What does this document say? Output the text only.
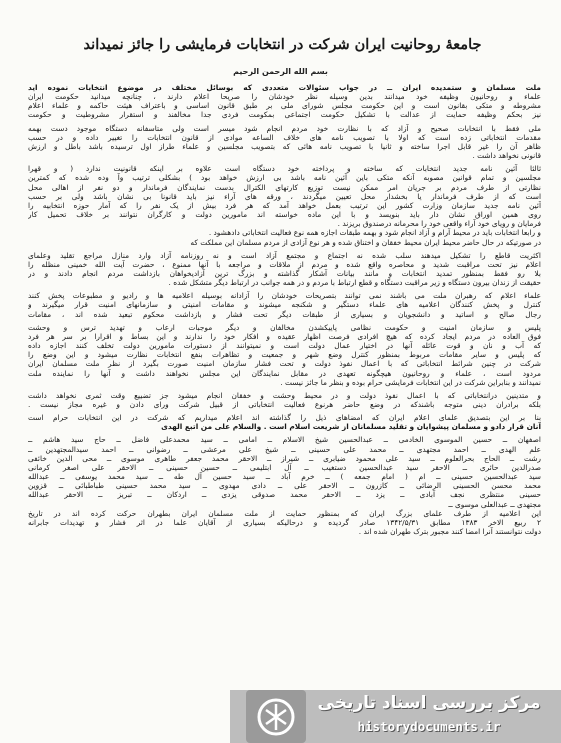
جامعهٔ روحانیت ایران شرکت در انتخابات فرمایشی را جائز نمیداند
بسم الله الرحمن الرحیم
ملت مسلمان و ستمدیده ایران ــ در جواب سئوالات متعددی که بوسائل مختلف در موضوع انتخابات نموده اید
علماء و روحانیون وظیفه خود میدانند بدین وسیله نظر خودشان را صریحا اعلام دارند ، چنانچه میدانید حکومت ایران
مشروطه و متکی بقانون است و این حکومت مجلس شورای ملی بر طبق قانون اساسی و باعتراف هیئت حاکمه و علماء اعلام
نیز بحکم وظیفه حمایت از عدالت با تشکیل حکومت اجتماعی بمکومت فردی جدا مخالفند و استقرار مشروطیت و حکومت
ملی فقط با انتخابات صحیح و آزاد که با نظارت خود مردم انجام شود میسر است ولی متاسفانه دستگاه موجود دست بهمه
مقدمات انتخاباتی زده است که اولا با تصویب نامه های خلاف الساعه موادی از قانون انتخابات را تغییر داده و در حسب
ظاهر آن را غیر قابل اجرا ساخته و ثانیا با تصویب نامه هائی که بتصویب مجلسین و علماء طراز اول ترسیده باشد باطل و ارزش
قانونی نخواهد داشت .
ثالثا آئین نامه جدید انتخابات که ساخته و پرداخته خود دستگاه است علاوه بر اینکه قانونیت ندارد ( و قهرا
مجلسین و تمام قوانین مصوبه آنکه متکی باین آئین نامه باشد بی ارزش خواهد بود ) بشکلی ترتیب وآ وده شده که کمترین
نظارتی از طرف مردم بر جریان امر ممکن نیست توزیع کارتهای الکترال بدست نمایندگان فرماندار و دو نفر از اهالی محل
است که از طرف فرماندار یا بخشدار محل تعیین میگردند ، ورقه های آراء نیز باید قانونا بی نشان باشد ولی بر حسب
آئین نامه جدید سازمان وزارت کشور این ترتیب بعمل خواهد آمد که هر فرد بیش از یک نفر را که آمار حوزه انتخابیه را
روی همین اوراق نشان دار باید بنویسد و با این ماده خواسته اند مامورین دولت و کارگران نتوانند بر خلاف تحمیل کار
فرمایان و رویای خود آراء واقعی خود را محرمانه درصندوق بریزند .
و رابعا انتخابات باید در محیط آرام و آزاد انجام شود و بهمه طبقات اجازه همه نوع فعالیت انتخاباتی دادهشود .
در صورتیکه در حال حاضر محیط ایران محیط خفقان و اختناق شده و هر نوع آزادی از مردم مسلمان این مملکت که
اکثریت قاطع را تشکیل میدهند سلب شده نه اجتماع و مجتمع آزاد است و نه روزنامه آزاد وارد منازل مراجع تقلید وعلمای
اعلام نیز تحت مراقبت شدید و محاصره واقع شده و مردم از ملاقات و مراجعه با آنها ممنوع ، حضرت آیت الله خمینی منظله را
بلا رو فقط بمنظور تمدید انتخابات و مانند بیانات آشکار گذاشته و بزرگ ترین آزادیخواهان بازداشت مردم انجام دادند و در
حقیقت از زندان بیرون دستگاه و زیر مراقبت دستگاه و قطع ارتباط با مردم و در همه جوانب در ارتباط دیگر متشکل شده .
علماء اعلام که رهبران ملت می باشند نمی توانند بتصریحات خودشان را آزادانه بوسیله اعلامیه ها و رادیو و مطبوعات پخش کنند
کنترل و پخش کنندگان اعلامیه های علماء دستگیر و شکنجه میشوند و مقامات امنیتی و سازمانهای امنیت قرار میگیرند و
رجال صالح و اساتید و دانشجویان و بسیاری از طبقات دیگر تحت فشار و بازداشت محکوم تبعید شده اند ، مقامات
پلیس و سازمان امنیت و حکومت نظامی پاییکشدن مخالفان و دیگر موجبات ارعاب و تهدید ترس و وحشت
فوق العاده در مردم ایجاد کرده که هیچ افرادی فرصت اظهار عقیده و افکار خود را ندارند و این بساط و اقرارا بر سر هر فرد
که آب و نان و قوت عائله آنها در اختیار عمال دولت است و نمیتوانند از دستورات مامورین دولت تخلف کنند اجازه داده
که پلیس و سایر مقامات مربوط بمنظور کنترل وضع شهر و جمعیت و تظاهرات بنفع انتخابات نظارت میشود و این وضع را
شرکت در چنین شرائط انتخاباتی که با اعمال نفوذ دولت و تحت فشار سازمان امنیت صورت بگیرد از نظر ملت مسلمان ایران
مردود است ، علماء و روحانیون هیچگونه تعهدی در مقابل نمایندگان این مجلس نخواهند داشت و آنها را نماینده ملت
نمیدانند و بنابراین شرکت در این انتخابات فرمایشی حرام بوده و بنظر ما جائز نیست .
و متدینین درانتخاباتی که با اعمال نفوذ دولت و در محیط وحشت و خفقان انجام میشود جز تضییع وقت ثمری نخواهد داشت
بلکه برادران دینی متوجه باشندکه در وضع حاضر هرنوع فعالیت انتخاباتی از قبیل شرکت ورای دادن و غیره مجاز نیست .
بنا بر این بتصدیق علمای اعلام ایران که امضاهای ذیل را گذاشته اند اعلام میداریم که شرکت در این انتخابات حرام است
آنان قرار دادو و مسلمان پیشوایان و تقلید مسلمانان از شریعت اسلام است . والسلام علی من اتبع الهدی
اصفهان ــ حسین الموسوی الخادمی ــ عبدالحسین شیخ الاسلام ــ امامی ــ سید محمدعلی فاضل ــ حاج سید هاشم ــ
علم الهدی ــ احمد مجتهدی ــ محمد علی حسینی ــ شیخ علی مرعشی ــ رضوانی ــ احمد سیدالمجتهدین ــ
رشت ــ الحاج بحرالعلوم ــ سید علی محمود ضیابری ــ شیراز ــ الاحقر محمد جعفر طاهری موسوی ــ محی الدین خائفی
صدرالدین حائری ــ الاحقر سید عبدالحسین دستغیب ــ آل ابتلیمی ــ حسین حسینی ــ الاحقر علی اصغر کرمانی
سید عبدالحسین حسینی ــ ام ( امام جمعه ) ــ خرم آباد ــ سید حسین آل طه ــ سید محمد یوسفی ــ عبدالله
محمد محسن الحسینی الرضائی ــ کازرون ــ الاحقر علی ــ دادی مهدوی ــ سید محمد حسینی طباطبائی ــ قزوین
حسینی منتظری نجف آبادی ــ یزد ــ الاحقر محمد صدوقی یزدی ــ اردکان ــ تبریز ــ الاحقر عبدالله
مجتهدی ــ عبدالعلی موسوی ــ
این اعلامیه از طرف علمای بزرگ ایران که بمنظور حمایت از ملت مسلمان ایران بطهران حرکت کرده اند در تاریخ
۲ ربیع الاخر ۱۳۸۳ مطابق ۱۳۴۲/۵/۳۱ صادر گردیده و درحالیکه بسیاری از آقایان علما در اثر فشار و تهدیدات جابرانه
دولت نتوانستند آنرا امضا کنند مجبور بترک طهران شده اند .
مرکز بررسی اسناد تاریخی
historydocuments.ir
